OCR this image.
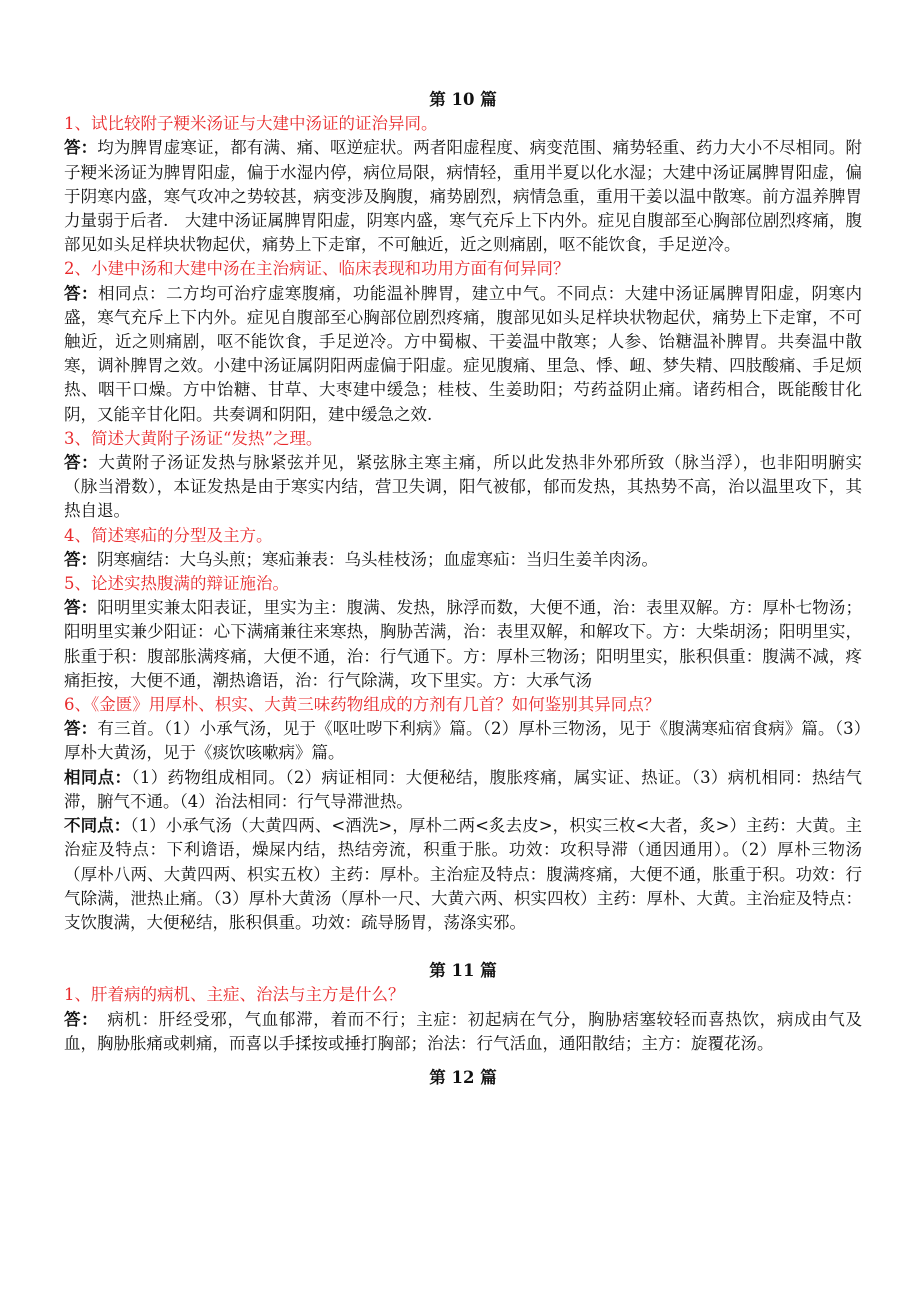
第 10 篇

1、试比较附子粳米汤证与大建中汤证的证治异同。

答：均为脾胃虚寒证，都有满、痛、呕逆症状。两者阳虚程度、病变范围、痛势轻重、药力大小不尽相同。附子粳米汤证为脾胃阳虚，偏于水湿内停，病位局限，病情轻，重用半夏以化水湿；大建中汤证属脾胃阳虚，偏于阴寒内盛，寒气攻冲之势较甚，病变涉及胸腹，痛势剧烈，病情急重，重用干姜以温中散寒。前方温养脾胃力量弱于后者.　大建中汤证属脾胃阳虚，阴寒内盛，寒气充斥上下内外。症见自腹部至心胸部位剧烈疼痛，腹部见如头足样块状物起伏，痛势上下走窜，不可触近，近之则痛剧，呕不能饮食，手足逆冷。

2、小建中汤和大建中汤在主治病证、临床表现和功用方面有何异同？

答：相同点：二方均可治疗虚寒腹痛，功能温补脾胃，建立中气。不同点：大建中汤证属脾胃阳虚，阴寒内盛，寒气充斥上下内外。症见自腹部至心胸部位剧烈疼痛，腹部见如头足样块状物起伏，痛势上下走窜，不可触近，近之则痛剧，呕不能饮食，手足逆冷。方中蜀椒、干姜温中散寒；人参、饴糖温补脾胃。共奏温中散寒，调补脾胃之效。小建中汤证属阴阳两虚偏于阳虚。症见腹痛、里急、悸、衄、梦失精、四肢酸痛、手足烦热、咽干口燥。方中饴糖、甘草、大枣建中缓急；桂枝、生姜助阳；芍药益阴止痛。诸药相合，既能酸甘化阴，又能辛甘化阳。共奏调和阴阳，建中缓急之效.

3、简述大黄附子汤证“发热”之理。

答：大黄附子汤证发热与脉紧弦并见，紧弦脉主寒主痛，所以此发热非外邪所致（脉当浮），也非阳明腑实（脉当滑数），本证发热是由于寒实内结，营卫失调，阳气被郁，郁而发热，其热势不高，治以温里攻下，其热自退。

4、简述寒疝的分型及主方。

答：阴寒痼结：大乌头煎；寒疝兼表：乌头桂枝汤；血虚寒疝：当归生姜羊肉汤。

5、论述实热腹满的辩证施治。

答：阳明里实兼太阳表证，里实为主：腹满、发热，脉浮而数，大便不通，治：表里双解。方：厚朴七物汤；阳明里实兼少阳证：心下满痛兼往来寒热，胸胁苦满，治：表里双解，和解攻下。方：大柴胡汤；阳明里实，胀重于积：腹部胀满疼痛，大便不通，治：行气通下。方：厚朴三物汤；阳明里实，胀积俱重：腹满不减，疼痛拒按，大便不通，潮热谵语，治：行气除满，攻下里实。方：大承气汤

6、《金匮》用厚朴、枳实、大黄三味药物组成的方剂有几首？如何鉴别其异同点？

答：有三首。（1）小承气汤，见于《呕吐哕下利病》篇。（2）厚朴三物汤，见于《腹满寒疝宿食病》篇。（3）厚朴大黄汤，见于《痰饮咳嗽病》篇。

相同点：（1）药物组成相同。（2）病证相同：大便秘结，腹胀疼痛，属实证、热证。（3）病机相同：热结气滞，腑气不通。（4）治法相同：行气导滞泄热。

不同点：（1）小承气汤（大黄四两、<酒洗>，厚朴二两<炙去皮>，枳实三枚<大者，炙>）主药：大黄。主治症及特点：下利谵语，燥屎内结，热结旁流，积重于胀。功效：攻积导滞（通因通用）。（2）厚朴三物汤（厚朴八两、大黄四两、枳实五枚）主药：厚朴。主治症及特点：腹满疼痛，大便不通，胀重于积。功效：行气除满，泄热止痛。（3）厚朴大黄汤（厚朴一尺、大黄六两、枳实四枚）主药：厚朴、大黄。主治症及特点：支饮腹满，大便秘结，胀积俱重。功效：疏导肠胃，荡涤实邪。

第 11 篇

1、肝着病的病机、主症、治法与主方是什么？

答：　病机：肝经受邪，气血郁滞，着而不行；主症：初起病在气分，胸胁痞塞较轻而喜热饮，病成由气及血，胸胁胀痛或刺痛，而喜以手揉按或捶打胸部；治法：行气活血，通阳散结；主方：旋覆花汤。

第 12 篇
